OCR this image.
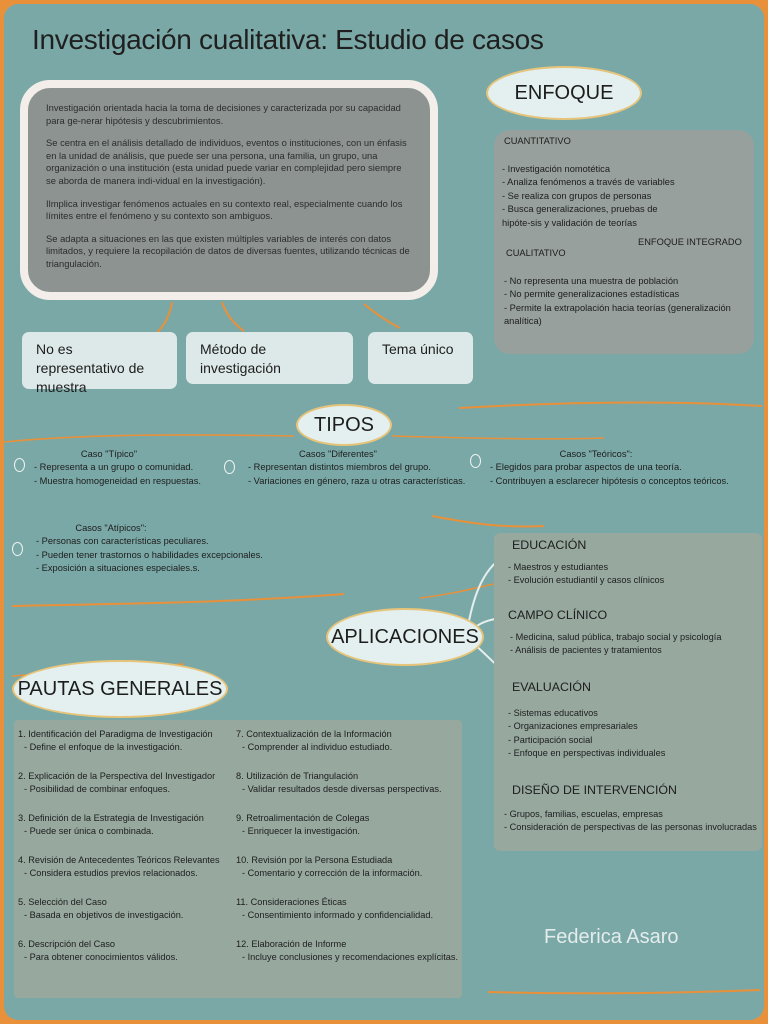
Investigación cualitativa: Estudio de casos

Investigación orientada hacia la toma de decisiones y caracterizada por su capacidad para ge-nerar hipótesis y descubrimientos.

Se centra en el análisis detallado de individuos, eventos o instituciones, con un énfasis en la unidad de análisis, que puede ser una persona, una familia, un grupo, una organización o una institución (esta unidad puede variar en complejidad pero siempre se aborda de manera indi-vidual en la investigación).

Ilmplica investigar fenómenos actuales en su contexto real, especialmente cuando los límites entre el fenómeno y su contexto son ambiguos.

Se adapta a situaciones en las que existen múltiples variables de interés con datos limitados, y requiere la recopilación de datos de diversas fuentes, utilizando técnicas de triangulación.

No es representativo de muestra
Método de investigación
Tema único
ENFOQUE
CUANTITATIVO
- Investigación nomotética
- Analiza fenómenos a través de variables
- Se realiza con grupos de personas
- Busca generalizaciones, pruebas de hipóte-sis y validación de teorías
ENFOQUE INTEGRADO
CUALITATIVO
- No representa una muestra de población
- No permite generalizaciones estadísticas
- Permite la extrapolación hacia teorías (generalización analítica)
TIPOS
Caso "Típico"
- Representa a un grupo o comunidad.
- Muestra homogeneidad en respuestas.
Casos "Diferentes"
- Representan distintos miembros del grupo.
- Variaciones en género, raza u otras características.
Casos "Teóricos":
- Elegidos para probar aspectos de una teoría.
- Contribuyen a esclarecer hipótesis o conceptos teóricos.
Casos "Atípicos":
- Personas con características peculiares.
- Pueden tener trastornos o habilidades excepcionales.
- Exposición a situaciones especiales.s.
APLICACIONES
EDUCACIÓN
- Maestros y estudiantes
- Evolución estudiantil y casos clínicos
CAMPO CLÍNICO
- Medicina, salud pública, trabajo social y psicología
- Análisis de pacientes y tratamientos
EVALUACIÓN
- Sistemas educativos
- Organizaciones empresariales
- Participación social
- Enfoque en perspectivas individuales
DISEÑO DE INTERVENCIÓN
- Grupos, familias, escuelas, empresas
- Consideración de perspectivas de las personas involucradas
PAUTAS GENERALES
1. Identificación del Paradigma de Investigación
- Define el enfoque de la investigación.
2. Explicación de la Perspectiva del Investigador
- Posibilidad de combinar enfoques.
3. Definición de la Estrategia de Investigación
- Puede ser única o combinada.
4. Revisión de Antecedentes Teóricos Relevantes
- Considera estudios previos relacionados.
5. Selección del Caso
- Basada en objetivos de investigación.
6. Descripción del Caso
- Para obtener conocimientos válidos.
7. Contextualización de la Información
- Comprender al individuo estudiado.
8. Utilización de Triangulación
- Validar resultados desde diversas perspectivas.
9. Retroalimentación de Colegas
- Enriquecer la investigación.
10. Revisión por la Persona Estudiada
- Comentario y corrección de la información.
11. Consideraciones Éticas
- Consentimiento informado y confidencialidad.
12. Elaboración de Informe
- Incluye conclusiones y recomendaciones explícitas.
Federica Asaro
